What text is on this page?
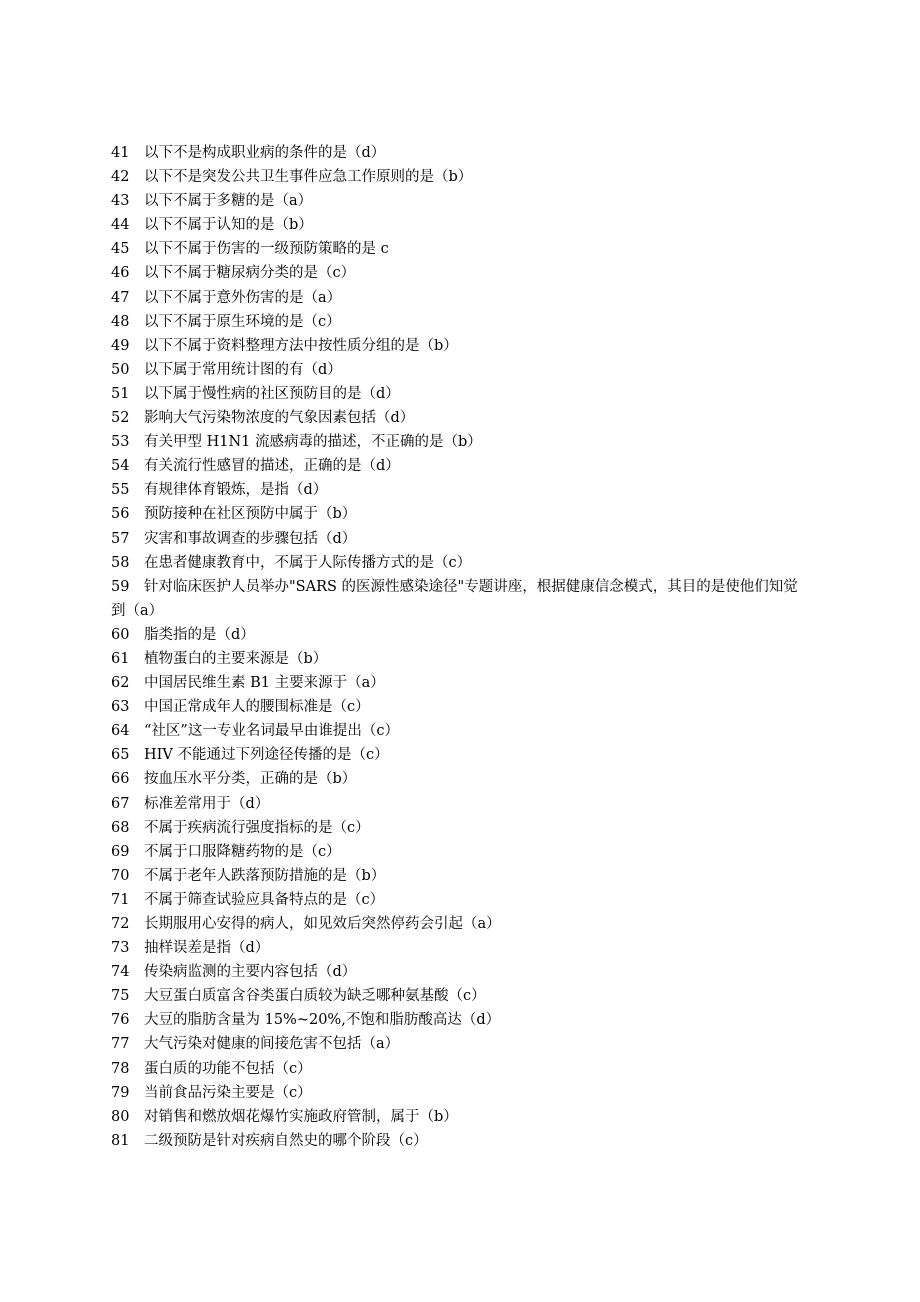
41 以下不是构成职业病的条件的是（d）
42 以下不是突发公共卫生事件应急工作原则的是（b）
43 以下不属于多糖的是（a）
44 以下不属于认知的是（b）
45 以下不属于伤害的一级预防策略的是 c
46 以下不属于糖尿病分类的是（c）
47 以下不属于意外伤害的是（a）
48 以下不属于原生环境的是（c）
49 以下不属于资料整理方法中按性质分组的是（b）
50 以下属于常用统计图的有（d）
51 以下属于慢性病的社区预防目的是（d）
52 影响大气污染物浓度的气象因素包括（d）
53 有关甲型 H1N1 流感病毒的描述，不正确的是（b）
54 有关流行性感冒的描述，正确的是（d）
55 有规律体育锻炼，是指（d）
56 预防接种在社区预防中属于（b）
57 灾害和事故调查的步骤包括（d）
58 在患者健康教育中，不属于人际传播方式的是（c）
59 针对临床医护人员举办"SARS 的医源性感染途径"专题讲座，根据健康信念模式，其目的是使他们知觉到（a）
60 脂类指的是（d）
61 植物蛋白的主要来源是（b）
62 中国居民维生素 B1 主要来源于（a）
63 中国正常成年人的腰围标准是（c）
64 “社区”这一专业名词最早由谁提出（c）
65 HIV 不能通过下列途径传播的是（c）
66 按血压水平分类，正确的是（b）
67 标准差常用于（d）
68 不属于疾病流行强度指标的是（c）
69 不属于口服降糖药物的是（c）
70 不属于老年人跌落预防措施的是（b）
71 不属于筛查试验应具备特点的是（c）
72 长期服用心安得的病人，如见效后突然停药会引起（a）
73 抽样误差是指（d）
74 传染病监测的主要内容包括（d）
75 大豆蛋白质富含谷类蛋白质较为缺乏哪种氨基酸（c）
76 大豆的脂肪含量为 15%~20%,不饱和脂肪酸高达（d）
77 大气污染对健康的间接危害不包括（a）
78 蛋白质的功能不包括（c）
79 当前食品污染主要是（c）
80 对销售和燃放烟花爆竹实施政府管制，属于（b）
81 二级预防是针对疾病自然史的哪个阶段（c）
